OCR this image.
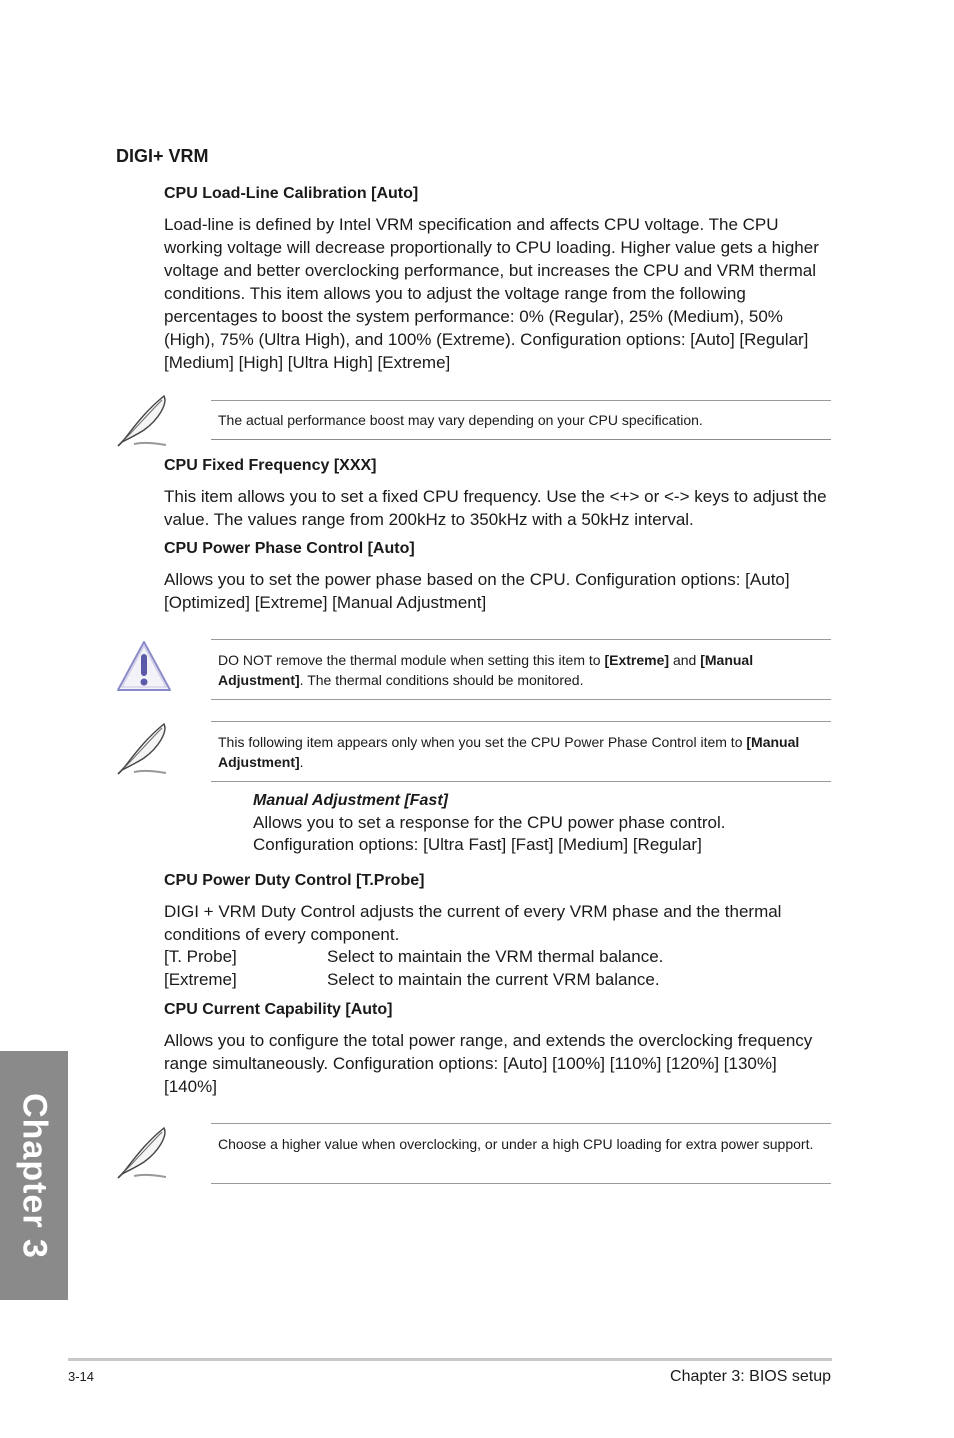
DIGI+ VRM
CPU Load-Line Calibration [Auto]
Load-line is defined by Intel VRM specification and affects CPU voltage. The CPU working voltage will decrease proportionally to CPU loading. Higher value gets a higher voltage and better overclocking performance, but increases the CPU and VRM thermal conditions. This item allows you to adjust the voltage range from the following percentages to boost the system performance: 0% (Regular), 25% (Medium), 50% (High), 75% (Ultra High), and 100% (Extreme). Configuration options: [Auto] [Regular] [Medium] [High] [Ultra High] [Extreme]
The actual performance boost may vary depending on your CPU specification.
CPU Fixed Frequency [XXX]
This item allows you to set a fixed CPU frequency. Use the <+> or <-> keys to adjust the value. The values range from 200kHz to 350kHz with a 50kHz interval.
CPU Power Phase Control [Auto]
Allows you to set the power phase based on the CPU. Configuration options: [Auto] [Optimized] [Extreme] [Manual Adjustment]
DO NOT remove the thermal module when setting this item to [Extreme] and [Manual Adjustment]. The thermal conditions should be monitored.
This following item appears only when you set the CPU Power Phase Control item to [Manual Adjustment].
Manual Adjustment [Fast]
Allows you to set a response for the CPU power phase control.
Configuration options: [Ultra Fast] [Fast] [Medium] [Regular]
CPU Power Duty Control [T.Probe]
DIGI + VRM Duty Control adjusts the current of every VRM phase and the thermal conditions of every component.
[T. Probe]	Select to maintain the VRM thermal balance.
[Extreme]	Select to maintain the current VRM balance.
CPU Current Capability [Auto]
Allows you to configure the total power range, and extends the overclocking frequency range simultaneously. Configuration options: [Auto] [100%] [110%] [120%] [130%] [140%]
Choose a higher value when overclocking, or under a high CPU loading for extra power support.
Chapter 3
3-14	Chapter 3: BIOS setup
